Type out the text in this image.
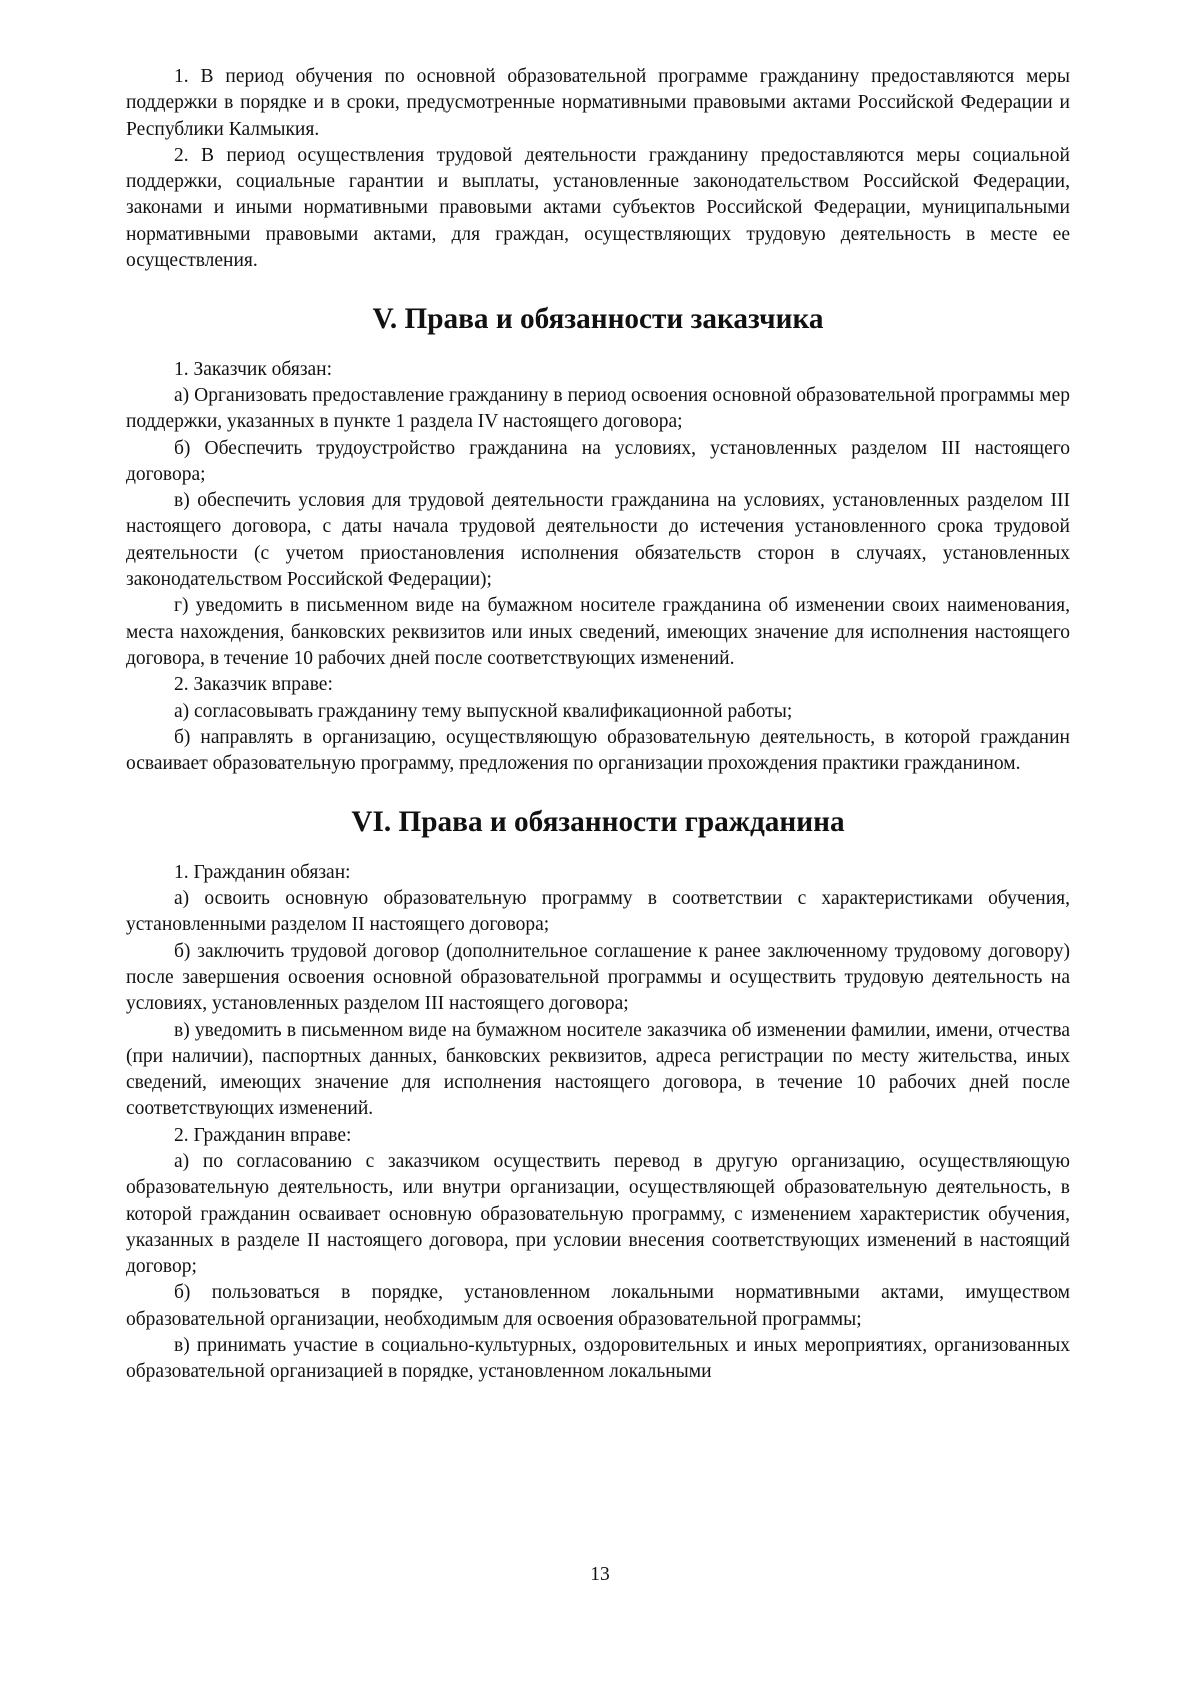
1. В период обучения по основной образовательной программе гражданину предоставляются меры поддержки в порядке и в сроки, предусмотренные нормативными правовыми актами Российской Федерации и Республики Калмыкия.

2. В период осуществления трудовой деятельности гражданину предоставляются меры социальной поддержки, социальные гарантии и выплаты, установленные законодательством Российской Федерации, законами и иными нормативными правовыми актами субъектов Российской Федерации, муниципальными нормативными правовыми актами, для граждан, осуществляющих трудовую деятельность в месте ее осуществления.

V. Права и обязанности заказчика

1. Заказчик обязан:

а) Организовать предоставление гражданину в период освоения основной образовательной программы мер поддержки, указанных в пункте 1 раздела IV настоящего договора;

б) Обеспечить трудоустройство гражданина на условиях, установленных разделом III настоящего договора;

в) обеспечить условия для трудовой деятельности гражданина на условиях, установленных разделом III настоящего договора, с даты начала трудовой деятельности до истечения установленного срока трудовой деятельности (с учетом приостановления исполнения обязательств сторон в случаях, установленных законодательством Российской Федерации);

г) уведомить в письменном виде на бумажном носителе гражданина об изменении своих наименования, места нахождения, банковских реквизитов или иных сведений, имеющих значение для исполнения настоящего договора, в течение 10 рабочих дней после соответствующих изменений.

2. Заказчик вправе:

а) согласовывать гражданину тему выпускной квалификационной работы;

б) направлять в организацию, осуществляющую образовательную деятельность, в которой гражданин осваивает образовательную программу, предложения по организации прохождения практики гражданином.

VI. Права и обязанности гражданина

1. Гражданин обязан:

а) освоить основную образовательную программу в соответствии с характеристиками обучения, установленными разделом II настоящего договора;

б) заключить трудовой договор (дополнительное соглашение к ранее заключенному трудовому договору) после завершения освоения основной образовательной программы и осуществить трудовую деятельность на условиях, установленных разделом III настоящего договора;

в) уведомить в письменном виде на бумажном носителе заказчика об изменении фамилии, имени, отчества (при наличии), паспортных данных, банковских реквизитов, адреса регистрации по месту жительства, иных сведений, имеющих значение для исполнения настоящего договора, в течение 10 рабочих дней после соответствующих изменений.

2. Гражданин вправе:

а) по согласованию с заказчиком осуществить перевод в другую организацию, осуществляющую образовательную деятельность, или внутри организации, осуществляющей образовательную деятельность, в которой гражданин осваивает основную образовательную программу, с изменением характеристик обучения, указанных в разделе II настоящего договора, при условии внесения соответствующих изменений в настоящий договор;

б) пользоваться в порядке, установленном локальными нормативными актами, имуществом образовательной организации, необходимым для освоения образовательной программы;

в) принимать участие в социально-культурных, оздоровительных и иных мероприятиях, организованных образовательной организацией в порядке, установленном локальными

13
